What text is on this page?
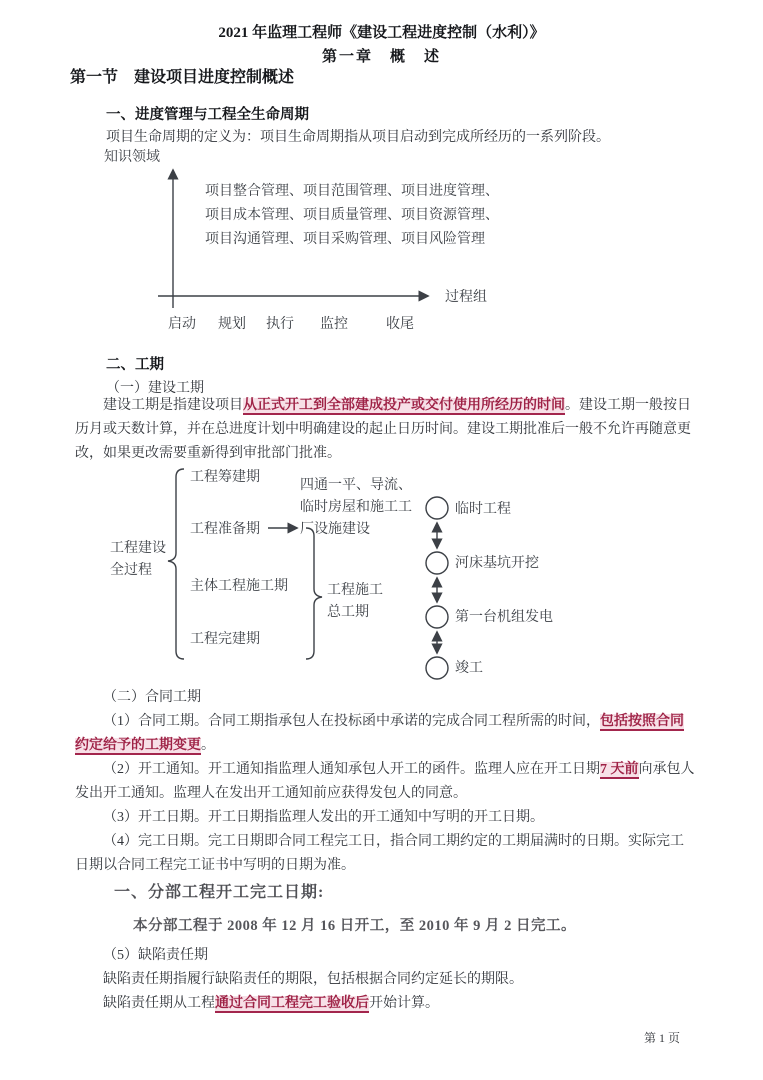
2021 年监理工程师《建设工程进度控制（水利）》
第一章　概　述
第一节　建设项目进度控制概述
一、进度管理与工程全生命周期
项目生命周期的定义为：项目生命周期指从项目启动到完成所经历的一系列阶段。
知识领域
项目整合管理、项目范围管理、项目进度管理、
项目成本管理、项目质量管理、项目资源管理、
项目沟通管理、项目采购管理、项目风险管理
过程组
启动 规划 执行 监控	收尾
二、工期
（一）建设工期

建设工期是指建设项目从正式开工到全部建成投产或交付使用所经历的时间。建设工期一般按日历月或天数计算，并在总进度计划中明确建设的起止日历时间。建设工期批准后一般不允许再随意更改，如果更改需要重新得到审批部门批准。

工程建设
全过程
工程筹建期
工程准备期
主体工程施工期
工程完建期
四通一平、导流、
临时房屋和施工工
厂设施建设
工程施工
总工期
临时工程
河床基坑开挖
第一台机组发电
竣工

（二）合同工期

（1）合同工期。合同工期指承包人在投标函中承诺的完成合同工程所需的时间，包括按照合同约定给予的工期变更。

（2）开工通知。开工通知指监理人通知承包人开工的函件。监理人应在开工日期7 天前向承包人发出开工通知。监理人在发出开工通知前应获得发包人的同意。

（3）开工日期。开工日期指监理人发出的开工通知中写明的开工日期。

（4）完工日期。完工日期即合同工程完工日，指合同工期约定的工期届满时的日期。实际完工日期以合同工程完工证书中写明的日期为准。

一、分部工程开工完工日期:
本分部工程于 2008 年 12 月 16 日开工，至 2010 年 9 月 2 日完工。

（5）缺陷责任期

缺陷责任期指履行缺陷责任的期限，包括根据合同约定延长的期限。

缺陷责任期从工程通过合同工程完工验收后开始计算。

第 1 页
